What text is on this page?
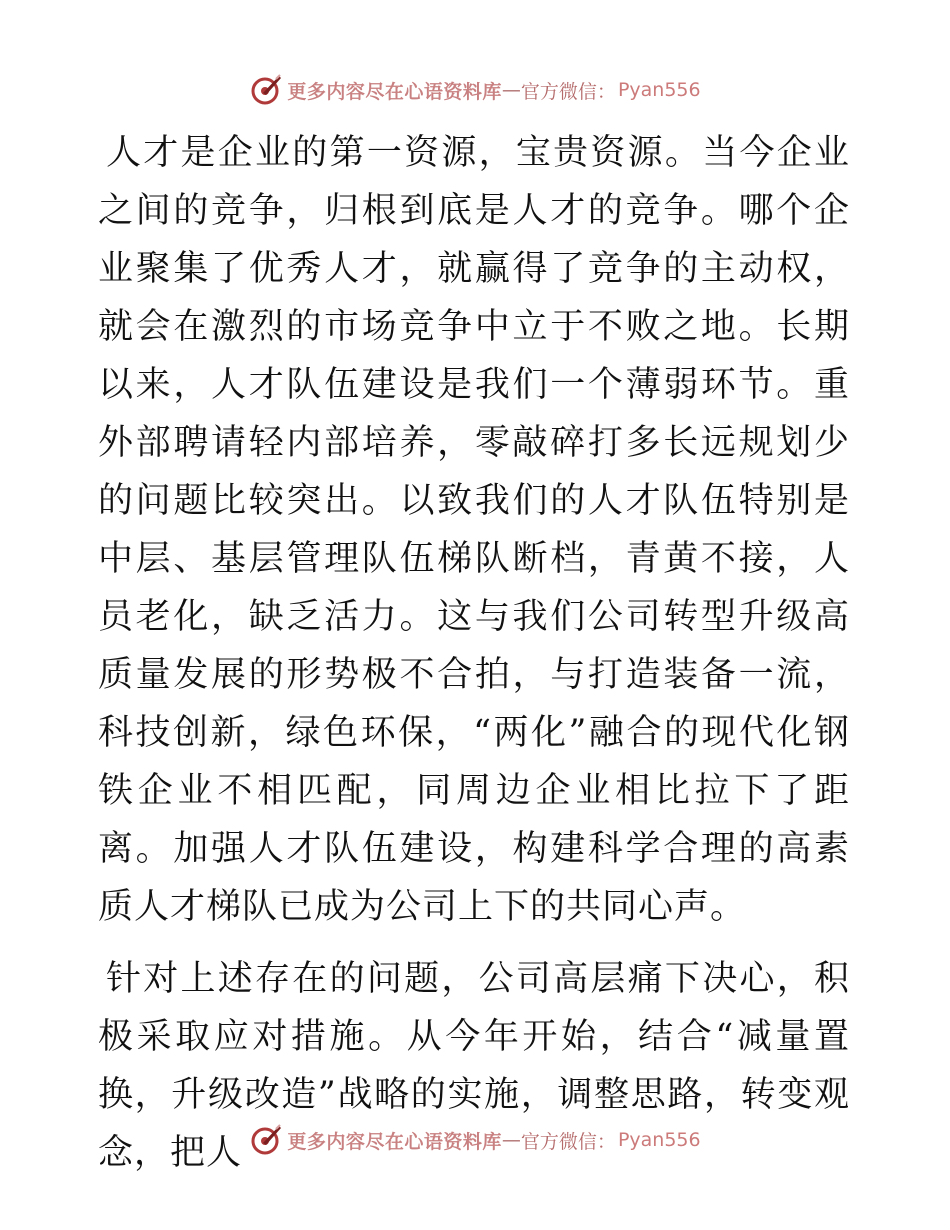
更多内容尽在心语资料库 — 官方微信： Pyan556

人才是企业的第一资源，宝贵资源。当今企业之间的竞争，归根到底是人才的竞争。哪个企业聚集了优秀人才，就赢得了竞争的主动权，就会在激烈的市场竞争中立于不败之地。长期以来，人才队伍建设是我们一个薄弱环节。重外部聘请轻内部培养，零敲碎打多长远规划少的问题比较突出。以致我们的人才队伍特别是中层、基层管理队伍梯队断档，青黄不接，人员老化，缺乏活力。这与我们公司转型升级高质量发展的形势极不合拍，与打造装备一流，科技创新，绿色环保，“两化”融合的现代化钢铁企业不相匹配，同周边企业相比拉下了距离。加强人才队伍建设，构建科学合理的高素质人才梯队已成为公司上下的共同心声。

针对上述存在的问题，公司高层痛下决心，积极采取应对措施。从今年开始，结合“减量置换，升级改造”战略的实施，调整思路，转变观念，把人	更多内容尽在心语资料库 — 官方微信： Pyan556
